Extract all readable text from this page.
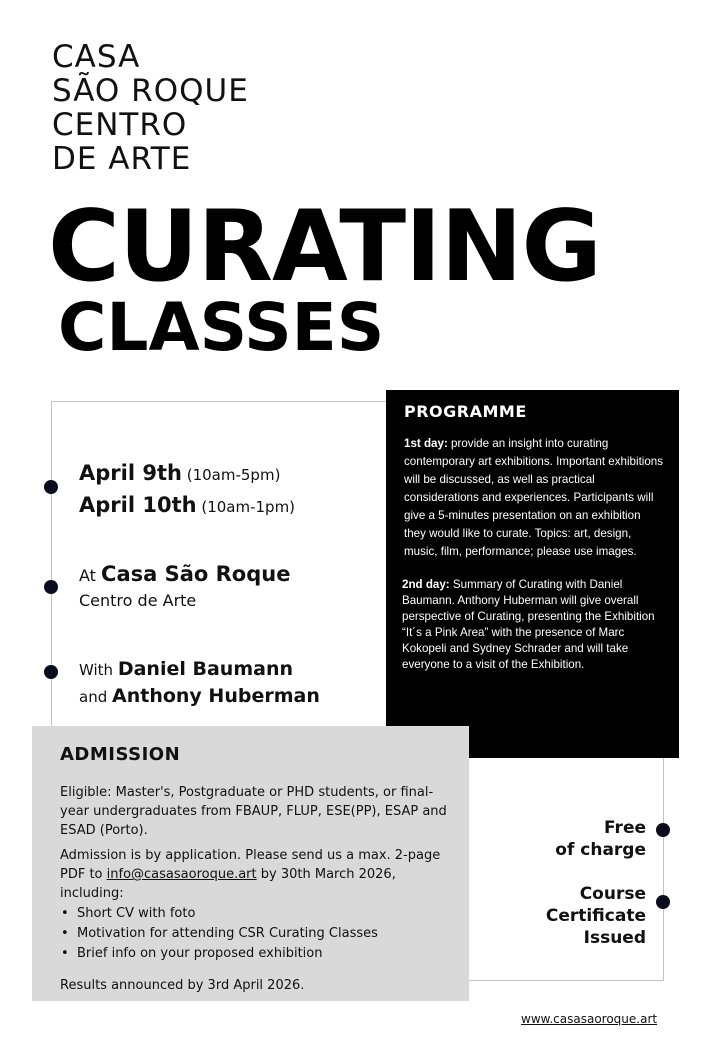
CASA
SÃO ROQUE
CENTRO
DE ARTE
CURATING
CLASSES
April 9th (10am-5pm)
April 10th (10am-1pm)
At Casa São Roque
Centro de Arte
With Daniel Baumann
and Anthony Huberman
PROGRAMME

1st day: provide an insight into curating contemporary art exhibitions. Important exhibitions will be discussed, as well as practical considerations and experiences. Participants will give a 5-minutes presentation on an exhibition they would like to curate. Topics: art, design, music, film, performance; please use images.

2nd day: Summary of Curating with Daniel Baumann. Anthony Huberman will give overall perspective of Curating, presenting the Exhibition “It´s a Pink Area” with the presence of Marc Kokopeli and Sydney Schrader and will take everyone to a visit of the Exhibition.

ADMISSION

Eligible: Master's, Postgraduate or PHD students, or final-year undergraduates from FBAUP, FLUP, ESE(PP), ESAP and ESAD (Porto).

Admission is by application. Please send us a max. 2-page PDF to info@casasaoroque.art by 30th March 2026, including:

• Short CV with foto
• Motivation for attending CSR Curating Classes
• Brief info on your proposed exhibition

Results announced by 3rd April 2026.

Free
of charge
Course
Certificate
Issued
www.casasaoroque.art
